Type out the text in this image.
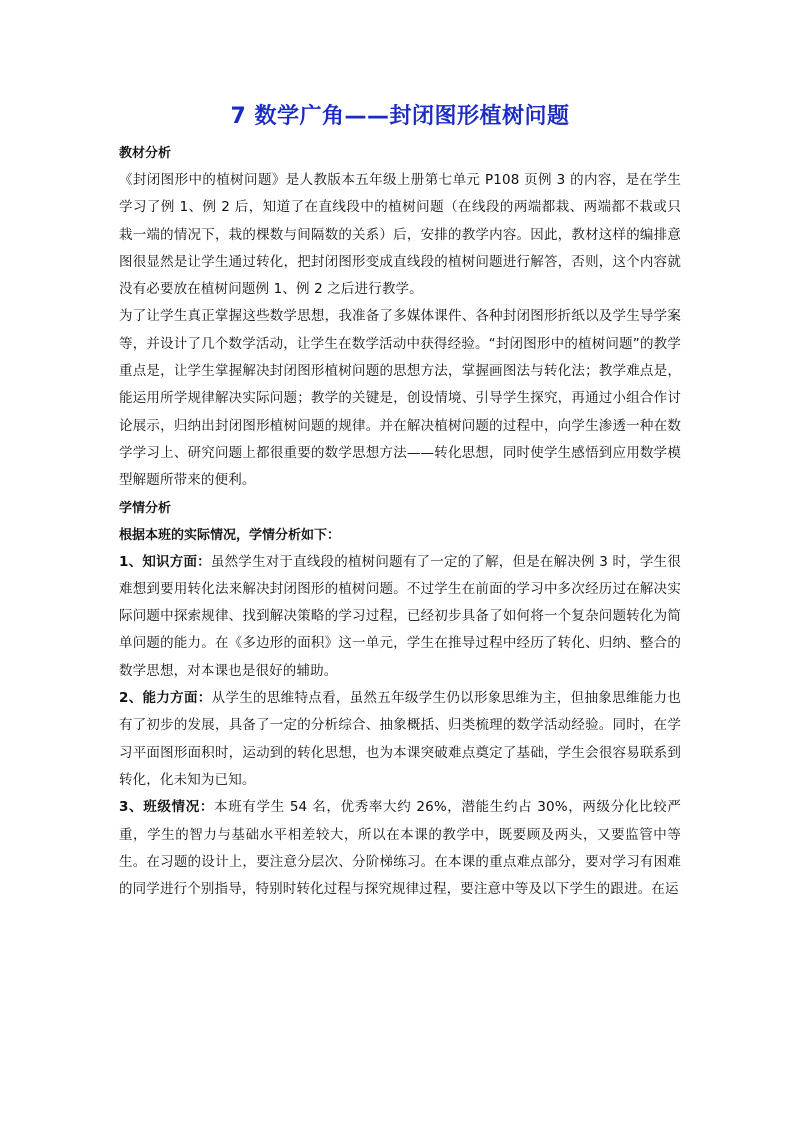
7 数学广角——封闭图形植树问题

教材分析

《封闭图形中的植树问题》是人教版本五年级上册第七单元 P108 页例 3 的内容，是在学生学习了例 1、例 2 后，知道了在直线段中的植树问题（在线段的两端都栽、两端都不栽或只栽一端的情况下，栽的棵数与间隔数的关系）后，安排的教学内容。因此，教材这样的编排意图很显然是让学生通过转化，把封闭图形变成直线段的植树问题进行解答，否则，这个内容就没有必要放在植树问题例 1、例 2 之后进行教学。

为了让学生真正掌握这些数学思想，我准备了多媒体课件、各种封闭图形折纸以及学生导学案等，并设计了几个数学活动，让学生在数学活动中获得经验。“封闭图形中的植树问题”的教学重点是，让学生掌握解决封闭图形植树问题的思想方法，掌握画图法与转化法；教学难点是，能运用所学规律解决实际问题；教学的关键是，创设情境、引导学生探究，再通过小组合作讨论展示，归纳出封闭图形植树问题的规律。并在解决植树问题的过程中，向学生渗透一种在数学学习上、研究问题上都很重要的数学思想方法——转化思想，同时使学生感悟到应用数学模型解题所带来的便利。

学情分析

根据本班的实际情况，学情分析如下：

1、知识方面：虽然学生对于直线段的植树问题有了一定的了解，但是在解决例 3 时，学生很难想到要用转化法来解决封闭图形的植树问题。不过学生在前面的学习中多次经历过在解决实际问题中探索规律、找到解决策略的学习过程，已经初步具备了如何将一个复杂问题转化为简单问题的能力。在《多边形的面积》这一单元，学生在推导过程中经历了转化、归纳、整合的数学思想，对本课也是很好的辅助。

2、能力方面：从学生的思维特点看，虽然五年级学生仍以形象思维为主，但抽象思维能力也有了初步的发展，具备了一定的分析综合、抽象概括、归类梳理的数学活动经验。同时，在学习平面图形面积时，运动到的转化思想，也为本课突破难点奠定了基础，学生会很容易联系到转化，化未知为已知。

3、班级情况：本班有学生 54 名，优秀率大约 26%，潜能生约占 30%，两级分化比较严重，学生的智力与基础水平相差较大，所以在本课的教学中，既要顾及两头，又要监管中等生。在习题的设计上，要注意分层次、分阶梯练习。在本课的重点难点部分，要对学习有困难的同学进行个别指导，特别时转化过程与探究规律过程，要注意中等及以下学生的跟进。在运
